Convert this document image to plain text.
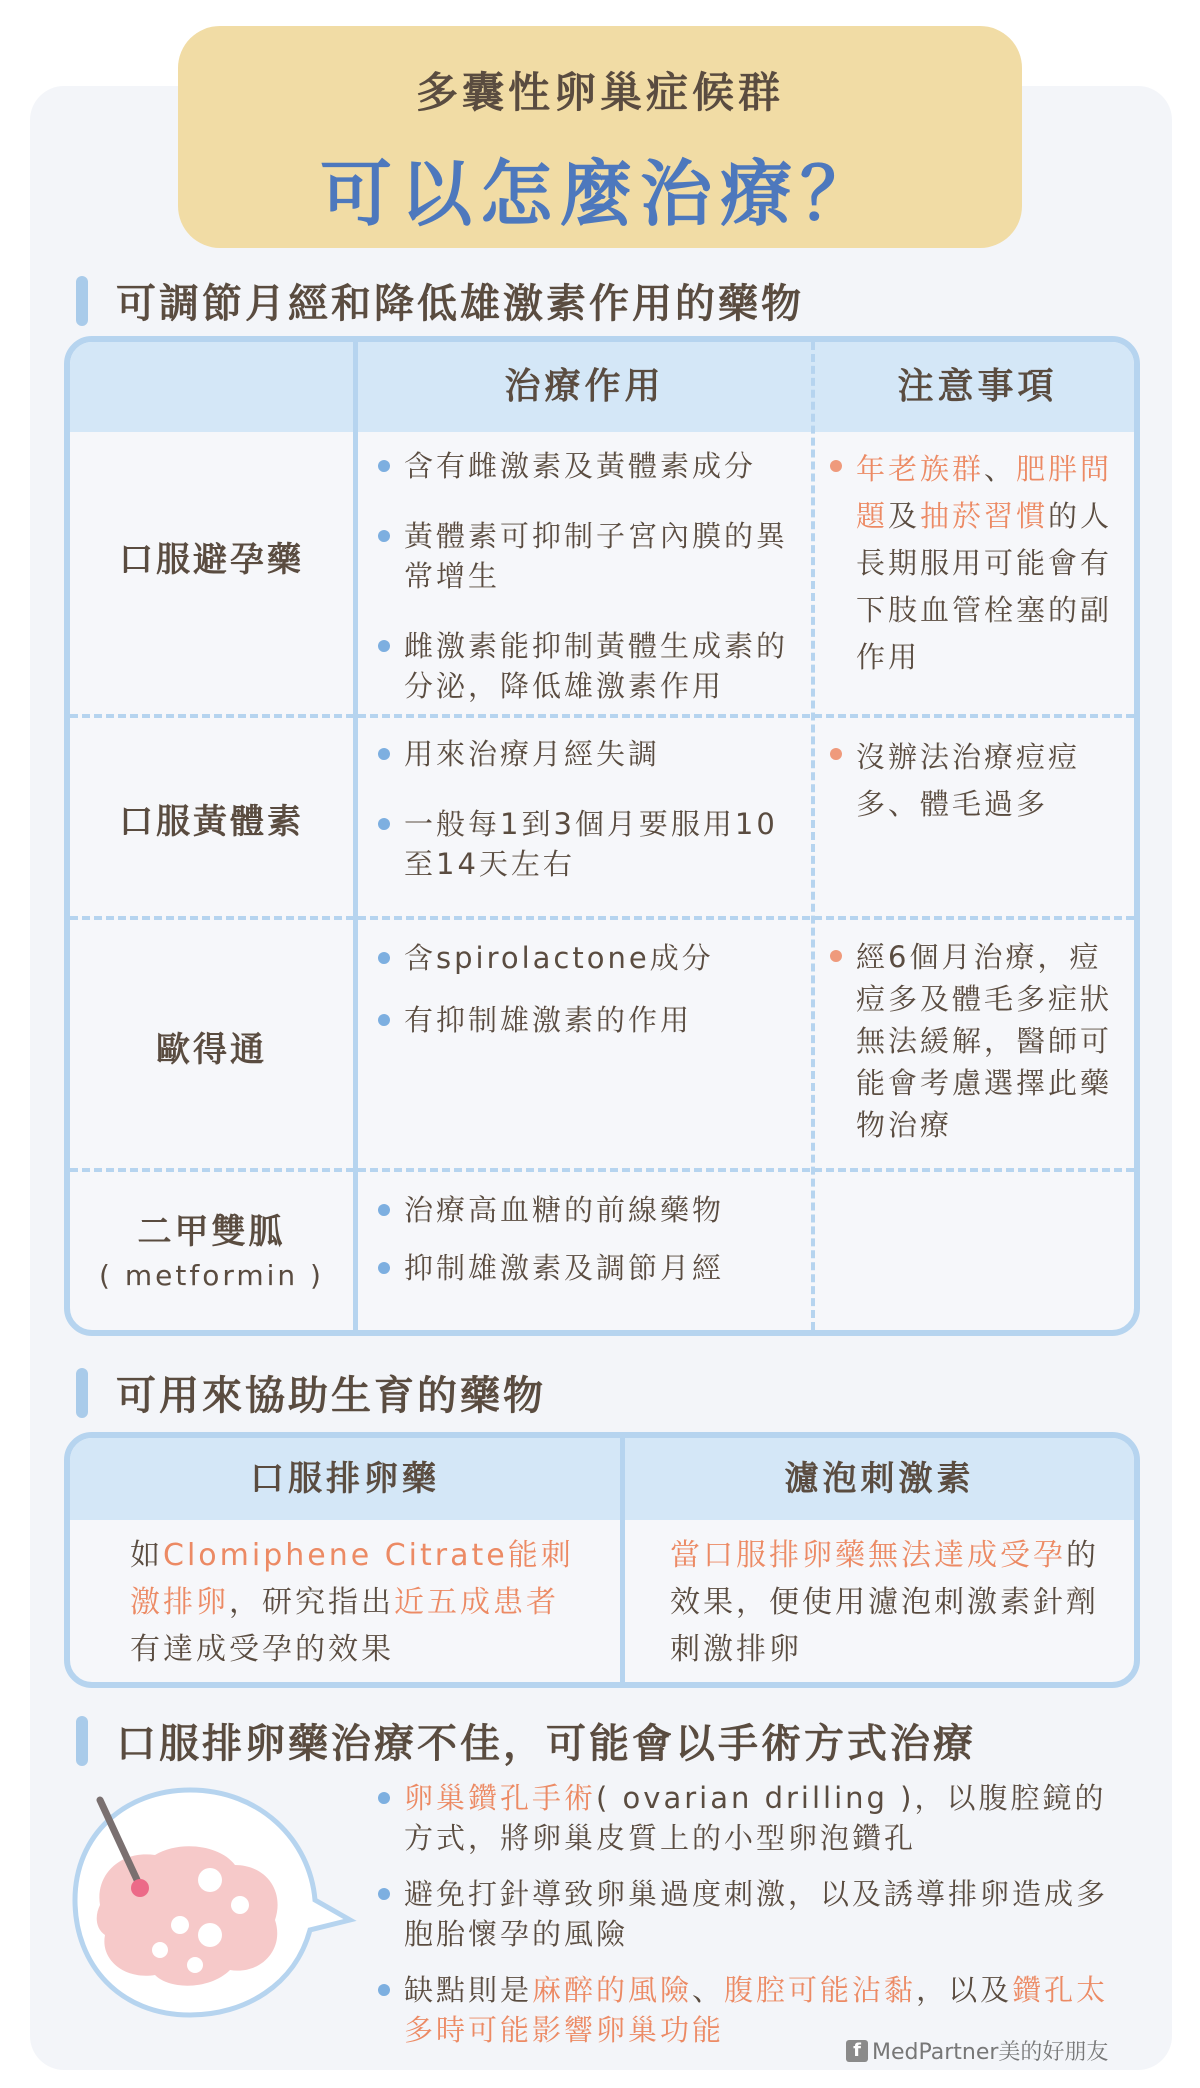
多囊性卵巢症候群
可以怎麼治療？
可調節月經和降低雄激素作用的藥物
治療作用	注意事項
口服避孕藥
含有雌激素及黃體素成分
黃體素可抑制子宮內膜的異常增生
雌激素能抑制黃體生成素的分泌，降低雄激素作用
年老族群、肥胖問題及抽菸習慣的人長期服用可能會有下肢血管栓塞的副作用
口服黃體素
用來治療月經失調
一般每1到3個月要服用10至14天左右
沒辦法治療痘痘多、體毛過多
歐得通
含spirolactone成分
有抑制雄激素的作用
經6個月治療，痘痘多及體毛多症狀無法緩解，醫師可能會考慮選擇此藥物治療
二甲雙胍
( metformin )
治療高血糖的前線藥物
抑制雄激素及調節月經
可用來協助生育的藥物
口服排卵藥	濾泡刺激素
如Clomiphene Citrate能刺激排卵，研究指出近五成患者有達成受孕的效果
當口服排卵藥無法達成受孕的效果，便使用濾泡刺激素針劑刺激排卵
口服排卵藥治療不佳，可能會以手術方式治療
卵巢鑽孔手術( ovarian drilling )，以腹腔鏡的方式，將卵巢皮質上的小型卵泡鑽孔
避免打針導致卵巢過度刺激，以及誘導排卵造成多胞胎懷孕的風險
缺點則是麻醉的風險、腹腔可能沾黏，以及鑽孔太多時可能影響卵巢功能
f MedPartner美的好朋友
